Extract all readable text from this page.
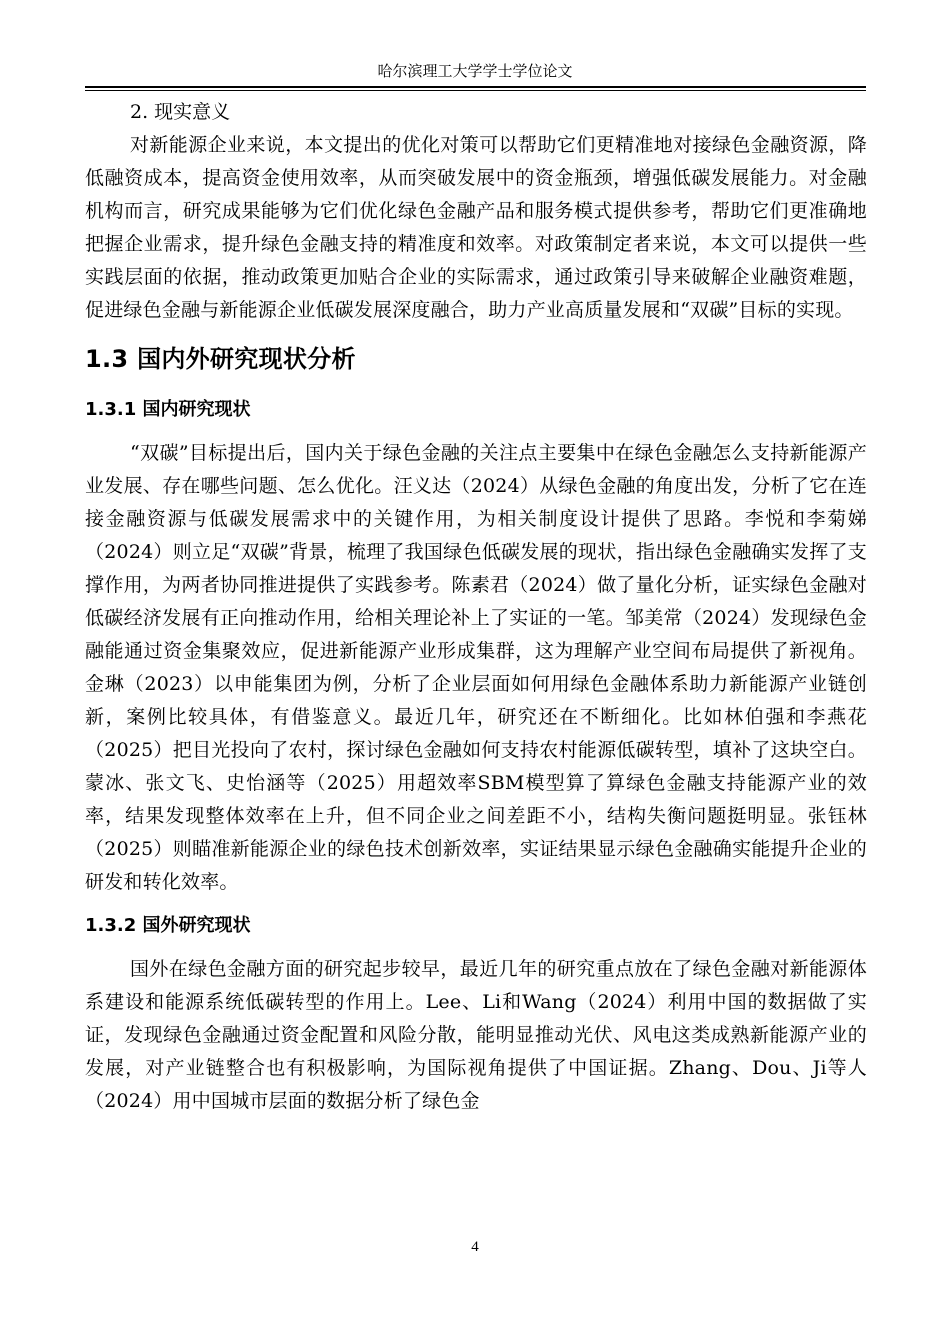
哈尔滨理工大学学士学位论文

2. 现实意义

对新能源企业来说，本文提出的优化对策可以帮助它们更精准地对接绿色金融资源，降低融资成本，提高资金使用效率，从而突破发展中的资金瓶颈，增强低碳发展能力。对金融机构而言，研究成果能够为它们优化绿色金融产品和服务模式提供参考，帮助它们更准确地把握企业需求，提升绿色金融支持的精准度和效率。对政策制定者来说，本文可以提供一些实践层面的依据，推动政策更加贴合企业的实际需求，通过政策引导来破解企业融资难题，促进绿色金融与新能源企业低碳发展深度融合，助力产业高质量发展和“双碳”目标的实现。

1.3 国内外研究现状分析
1.3.1 国内研究现状

“双碳”目标提出后，国内关于绿色金融的关注点主要集中在绿色金融怎么支持新能源产业发展、存在哪些问题、怎么优化。汪义达（2024）从绿色金融的角度出发，分析了它在连接金融资源与低碳发展需求中的关键作用，为相关制度设计提供了思路。李悦和李菊娣（2024）则立足“双碳”背景，梳理了我国绿色低碳发展的现状，指出绿色金融确实发挥了支撑作用，为两者协同推进提供了实践参考。陈素君（2024）做了量化分析，证实绿色金融对低碳经济发展有正向推动作用，给相关理论补上了实证的一笔。邹美常（2024）发现绿色金融能通过资金集聚效应，促进新能源产业形成集群，这为理解产业空间布局提供了新视角。金琳（2023）以申能集团为例，分析了企业层面如何用绿色金融体系助力新能源产业链创新，案例比较具体，有借鉴意义。最近几年，研究还在不断细化。比如林伯强和李燕花（2025）把目光投向了农村，探讨绿色金融如何支持农村能源低碳转型，填补了这块空白。蒙冰、张文飞、史怡涵等（2025）用超效率SBM模型算了算绿色金融支持能源产业的效率，结果发现整体效率在上升，但不同企业之间差距不小，结构失衡问题挺明显。张钰林（2025）则瞄准新能源企业的绿色技术创新效率，实证结果显示绿色金融确实能提升企业的研发和转化效率。

1.3.2 国外研究现状

国外在绿色金融方面的研究起步较早，最近几年的研究重点放在了绿色金融对新能源体系建设和能源系统低碳转型的作用上。Lee、Li和Wang（2024）利用中国的数据做了实证，发现绿色金融通过资金配置和风险分散，能明显推动光伏、风电这类成熟新能源产业的发展，对产业链整合也有积极影响，为国际视角提供了中国证据。Zhang、Dou、Ji等人（2024）用中国城市层面的数据分析了绿色金

4
